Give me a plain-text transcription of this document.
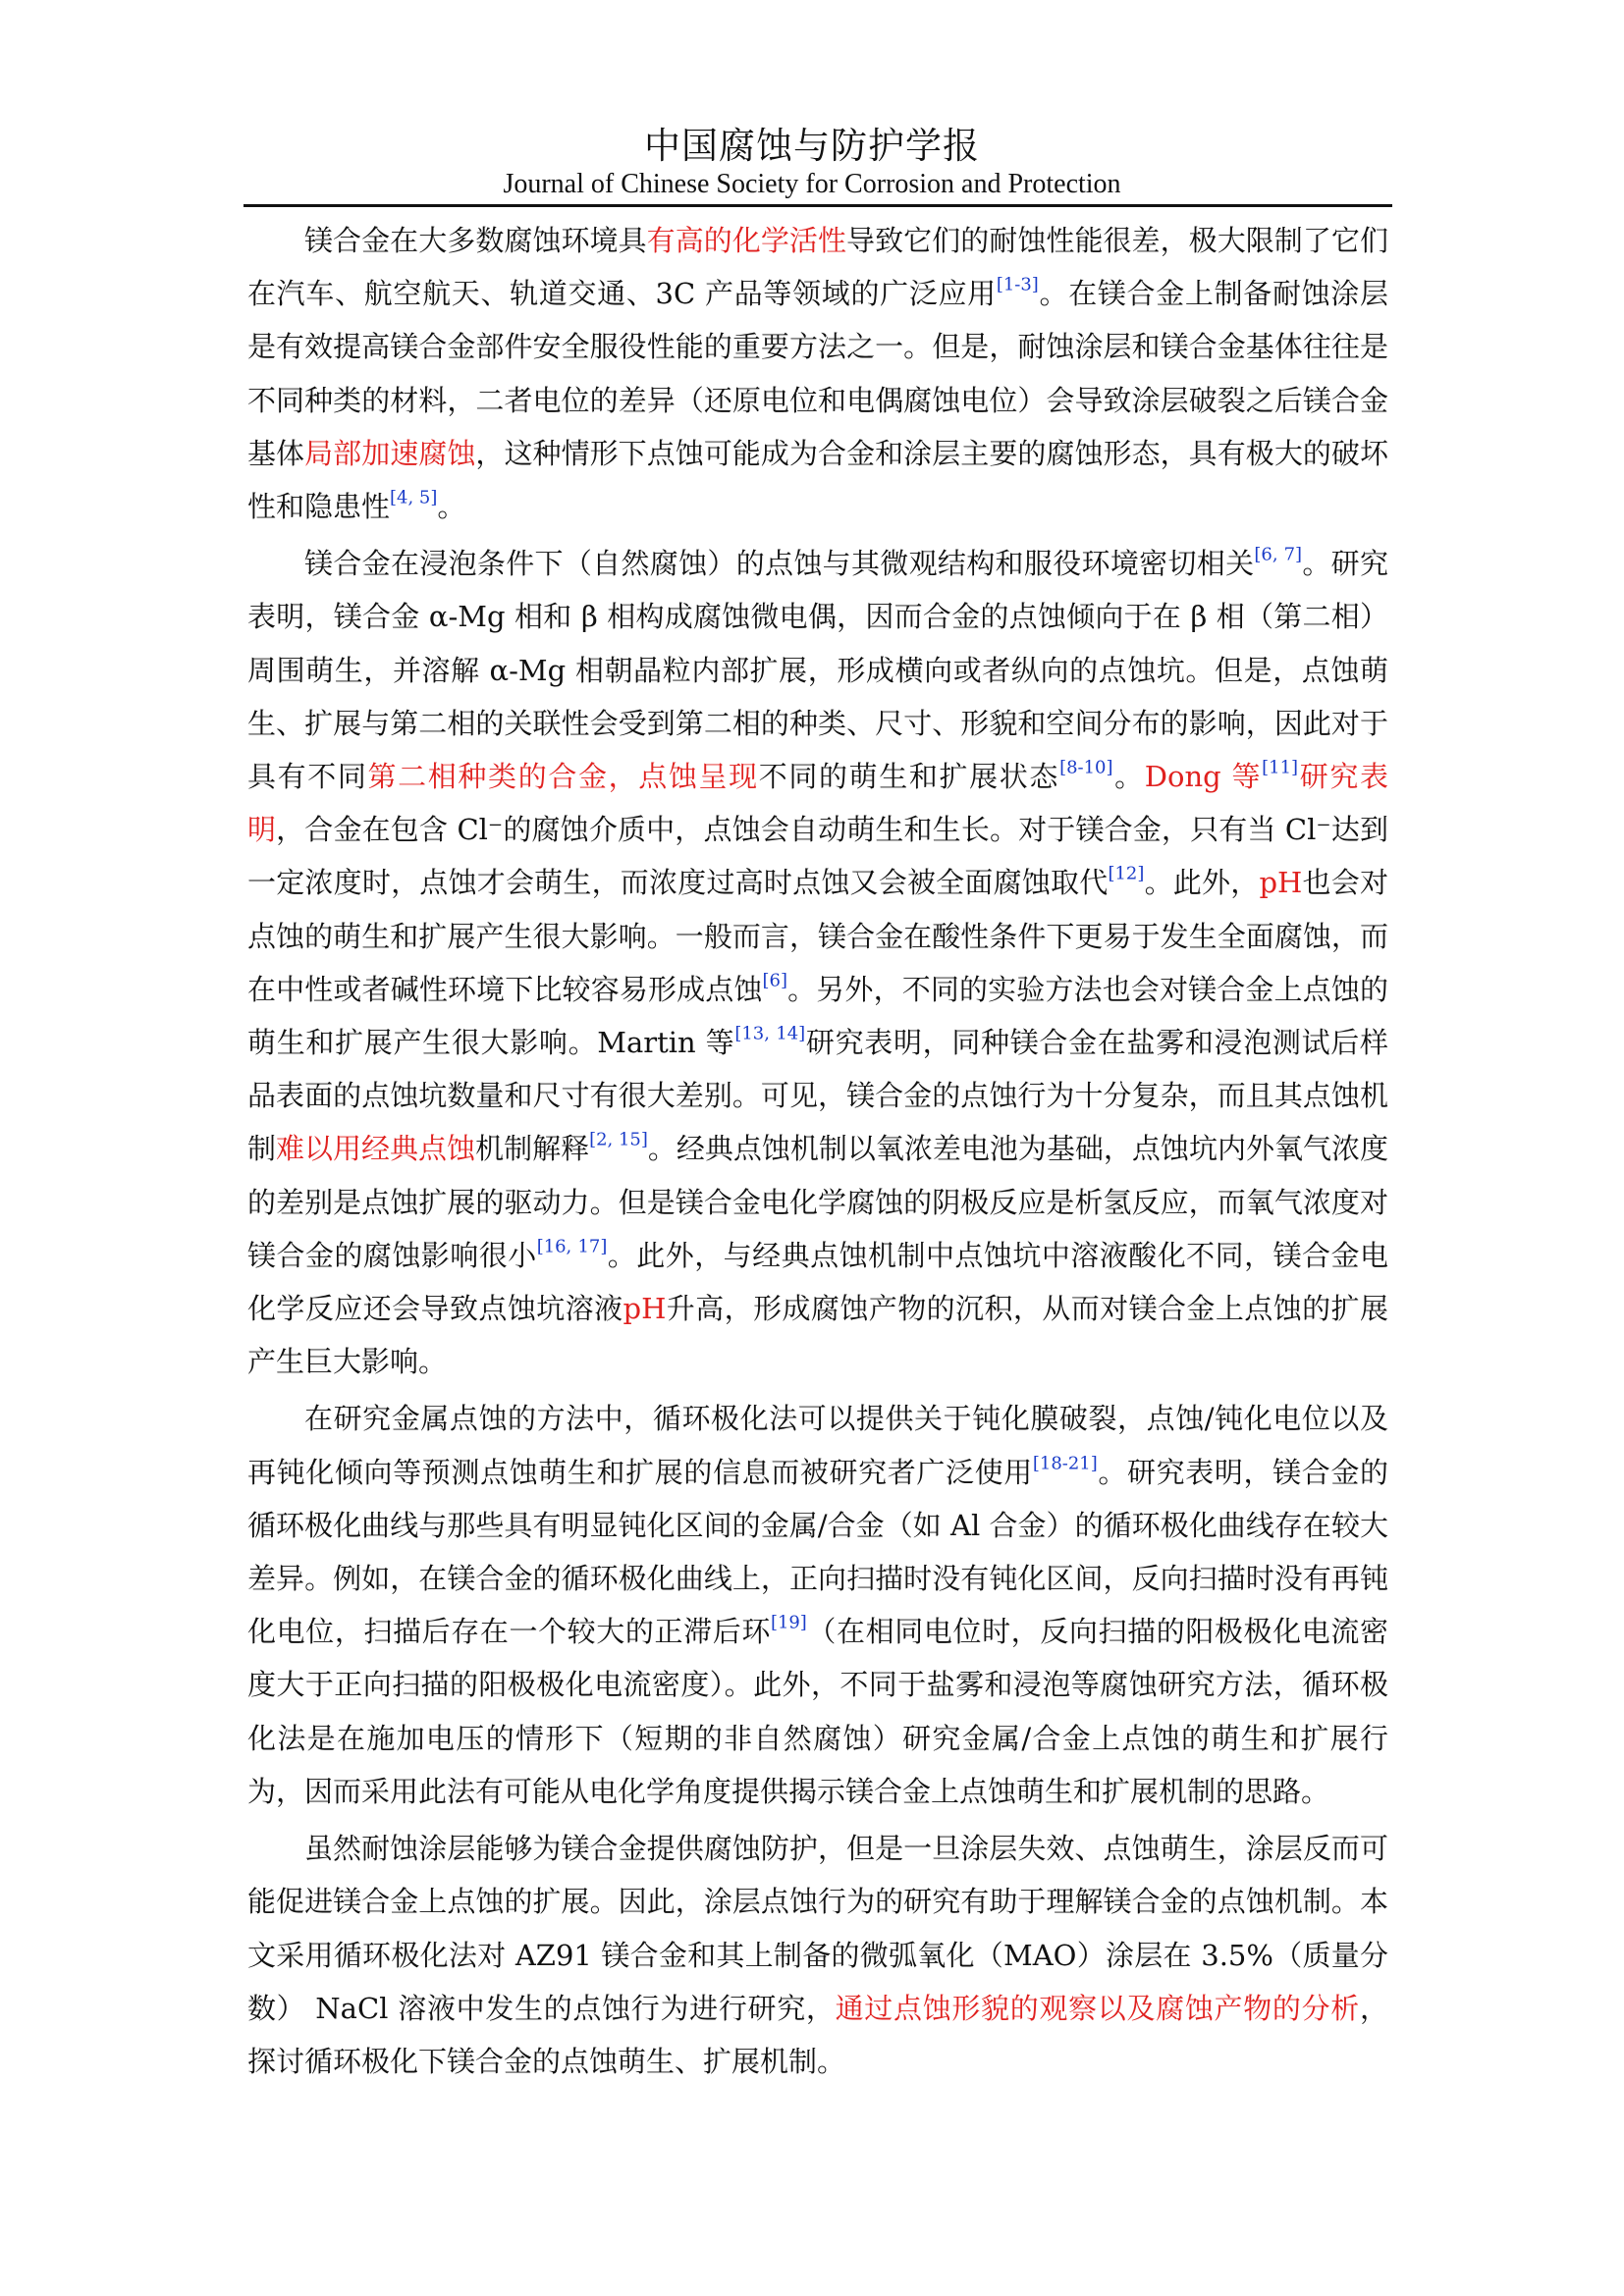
中国腐蚀与防护学报
Journal of Chinese Society for Corrosion and Protection

镁合金在大多数腐蚀环境具有高的化学活性导致它们的耐蚀性能很差，极大限制了它们在汽车、航空航天、轨道交通、3C 产品等领域的广泛应用[1-3]。在镁合金上制备耐蚀涂层是有效提高镁合金部件安全服役性能的重要方法之一。但是，耐蚀涂层和镁合金基体往往是不同种类的材料，二者电位的差异（还原电位和电偶腐蚀电位）会导致涂层破裂之后镁合金基体局部加速腐蚀，这种情形下点蚀可能成为合金和涂层主要的腐蚀形态，具有极大的破坏性和隐患性[4, 5]。

镁合金在浸泡条件下（自然腐蚀）的点蚀与其微观结构和服役环境密切相关[6, 7]。研究表明，镁合金 α-Mg 相和 β 相构成腐蚀微电偶，因而合金的点蚀倾向于在 β 相（第二相）周围萌生，并溶解 α-Mg 相朝晶粒内部扩展，形成横向或者纵向的点蚀坑。但是，点蚀萌生、扩展与第二相的关联性会受到第二相的种类、尺寸、形貌和空间分布的影响，因此对于具有不同第二相种类的合金，点蚀呈现不同的萌生和扩展状态[8-10]。Dong 等[11]研究表明，合金在包含 Cl⁻的腐蚀介质中，点蚀会自动萌生和生长。对于镁合金，只有当 Cl⁻达到一定浓度时，点蚀才会萌生，而浓度过高时点蚀又会被全面腐蚀取代[12]。此外，pH也会对点蚀的萌生和扩展产生很大影响。一般而言，镁合金在酸性条件下更易于发生全面腐蚀，而在中性或者碱性环境下比较容易形成点蚀[6]。另外，不同的实验方法也会对镁合金上点蚀的萌生和扩展产生很大影响。Martin 等[13, 14]研究表明，同种镁合金在盐雾和浸泡测试后样品表面的点蚀坑数量和尺寸有很大差别。可见，镁合金的点蚀行为十分复杂，而且其点蚀机制难以用经典点蚀机制解释[2, 15]。经典点蚀机制以氧浓差电池为基础，点蚀坑内外氧气浓度的差别是点蚀扩展的驱动力。但是镁合金电化学腐蚀的阴极反应是析氢反应，而氧气浓度对镁合金的腐蚀影响很小[16, 17]。此外，与经典点蚀机制中点蚀坑中溶液酸化不同，镁合金电化学反应还会导致点蚀坑溶液pH升高，形成腐蚀产物的沉积，从而对镁合金上点蚀的扩展产生巨大影响。

在研究金属点蚀的方法中，循环极化法可以提供关于钝化膜破裂，点蚀/钝化电位以及再钝化倾向等预测点蚀萌生和扩展的信息而被研究者广泛使用[18-21]。研究表明，镁合金的循环极化曲线与那些具有明显钝化区间的金属/合金（如 Al 合金）的循环极化曲线存在较大差异。例如，在镁合金的循环极化曲线上，正向扫描时没有钝化区间，反向扫描时没有再钝化电位，扫描后存在一个较大的正滞后环[19]（在相同电位时，反向扫描的阳极极化电流密度大于正向扫描的阳极极化电流密度）。此外，不同于盐雾和浸泡等腐蚀研究方法，循环极化法是在施加电压的情形下（短期的非自然腐蚀）研究金属/合金上点蚀的萌生和扩展行为，因而采用此法有可能从电化学角度提供揭示镁合金上点蚀萌生和扩展机制的思路。

虽然耐蚀涂层能够为镁合金提供腐蚀防护，但是一旦涂层失效、点蚀萌生，涂层反而可能促进镁合金上点蚀的扩展。因此，涂层点蚀行为的研究有助于理解镁合金的点蚀机制。本文采用循环极化法对 AZ91 镁合金和其上制备的微弧氧化（MAO）涂层在 3.5%（质量分数） NaCl 溶液中发生的点蚀行为进行研究，通过点蚀形貌的观察以及腐蚀产物的分析，探讨循环极化下镁合金的点蚀萌生、扩展机制。
